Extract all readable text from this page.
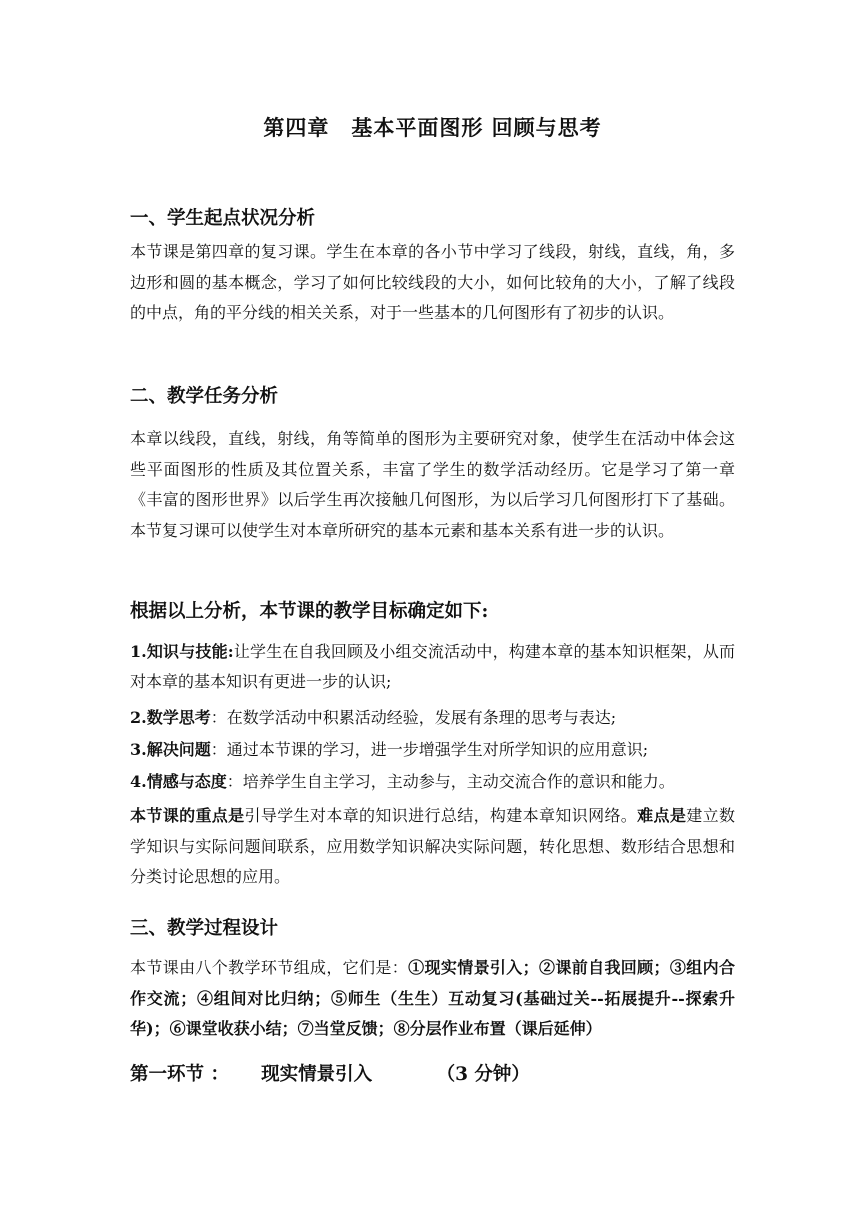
第四章　基本平面图形 回顾与思考
一、学生起点状况分析

本节课是第四章的复习课。学生在本章的各小节中学习了线段，射线，直线，角，多边形和圆的基本概念，学习了如何比较线段的大小，如何比较角的大小，了解了线段的中点，角的平分线的相关关系，对于一些基本的几何图形有了初步的认识。

二、教学任务分析

本章以线段，直线，射线，角等简单的图形为主要研究对象，使学生在活动中体会这些平面图形的性质及其位置关系，丰富了学生的数学活动经历。它是学习了第一章《丰富的图形世界》以后学生再次接触几何图形，为以后学习几何图形打下了基础。本节复习课可以使学生对本章所研究的基本元素和基本关系有进一步的认识。

根据以上分析，本节课的教学目标确定如下:

1.知识与技能:让学生在自我回顾及小组交流活动中，构建本章的基本知识框架，从而对本章的基本知识有更进一步的认识;

2.数学思考：在数学活动中积累活动经验，发展有条理的思考与表达;

3.解决问题：通过本节课的学习，进一步增强学生对所学知识的应用意识;

4.情感与态度：培养学生自主学习，主动参与，主动交流合作的意识和能力。

本节课的重点是引导学生对本章的知识进行总结，构建本章知识网络。难点是建立数学知识与实际问题间联系，应用数学知识解决实际问题，转化思想、数形结合思想和分类讨论思想的应用。

三、教学过程设计

本节课由八个教学环节组成，它们是：①现实情景引入；②课前自我回顾；③组内合作交流；④组间对比归纳；⑤师生（生生）互动复习(基础过关--拓展提升--探索升华)；⑥课堂收获小结；⑦当堂反馈；⑧分层作业布置（课后延伸）

第一环节 ： 现实情景引入	（3 分钟）
